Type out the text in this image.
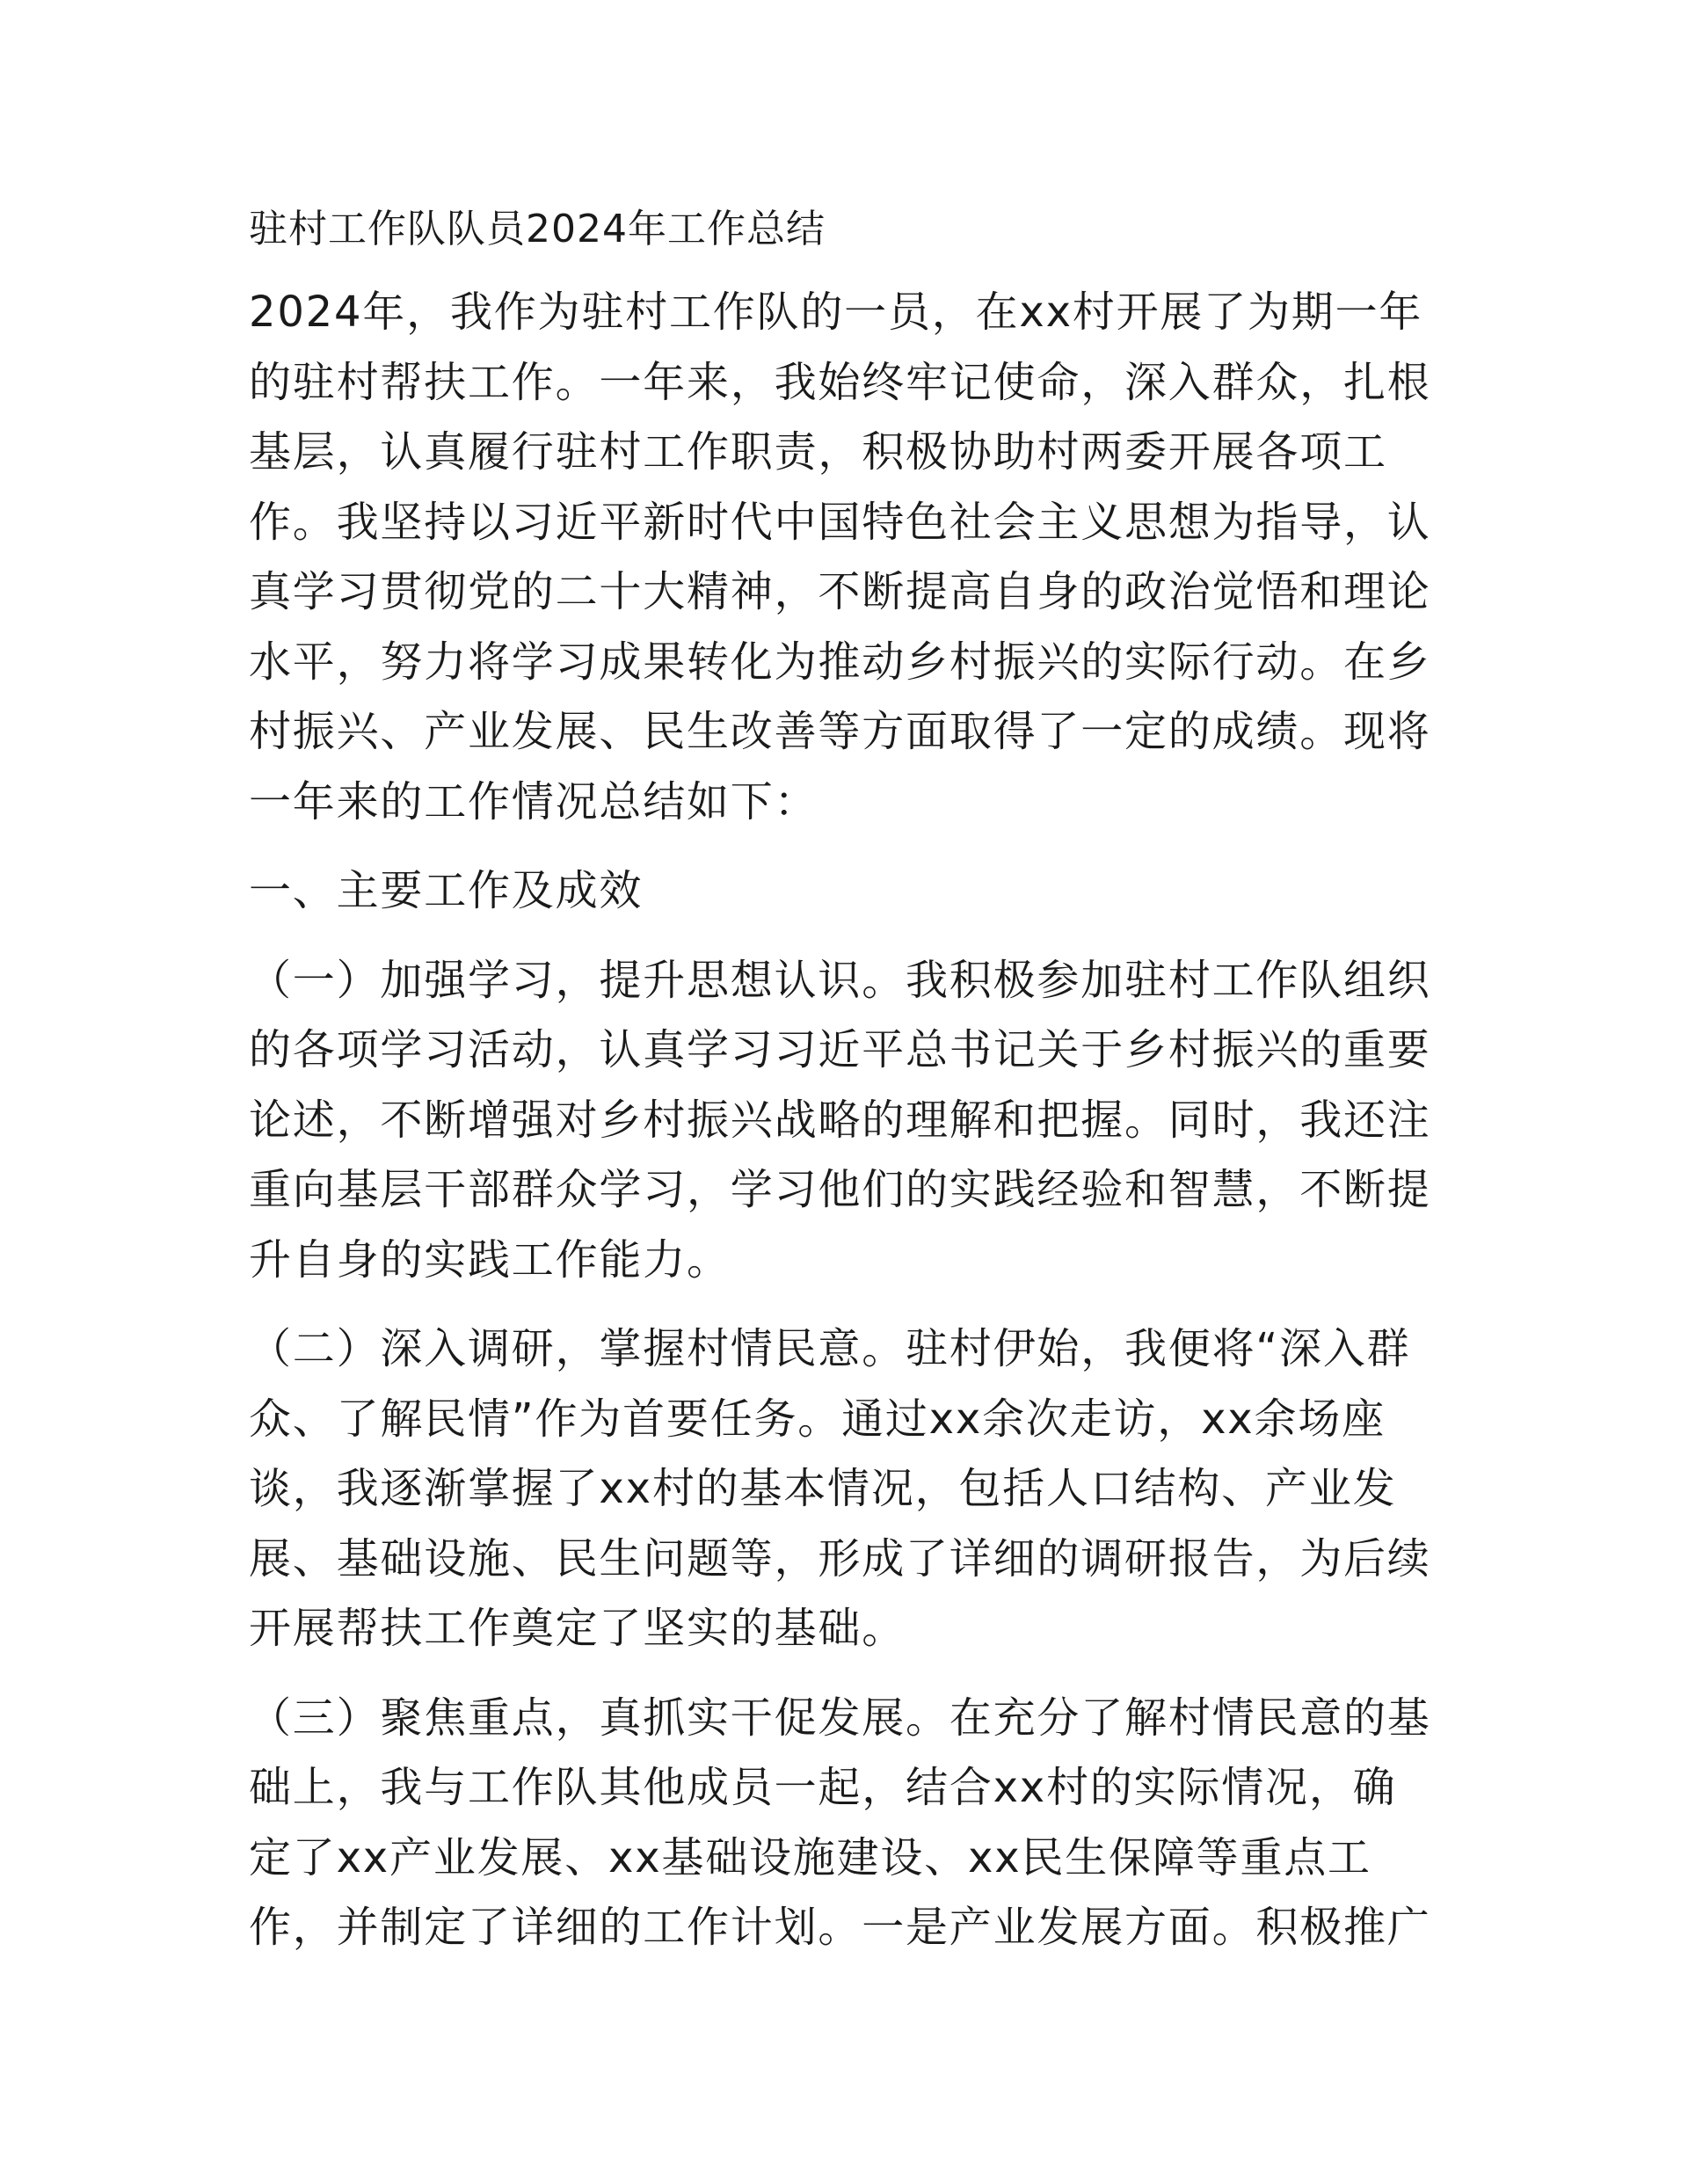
驻村工作队队员2024年工作总结
2024年，我作为驻村工作队的一员，在xx村开展了为期一年
的驻村帮扶工作。一年来，我始终牢记使命，深入群众，扎根
基层，认真履行驻村工作职责，积极协助村两委开展各项工
作。我坚持以习近平新时代中国特色社会主义思想为指导，认
真学习贯彻党的二十大精神，不断提高自身的政治觉悟和理论
水平，努力将学习成果转化为推动乡村振兴的实际行动。在乡
村振兴、产业发展、民生改善等方面取得了一定的成绩。现将
一年来的工作情况总结如下：
一、主要工作及成效
（一）加强学习，提升思想认识。我积极参加驻村工作队组织
的各项学习活动，认真学习习近平总书记关于乡村振兴的重要
论述，不断增强对乡村振兴战略的理解和把握。同时，我还注
重向基层干部群众学习，学习他们的实践经验和智慧，不断提
升自身的实践工作能力。
（二）深入调研，掌握村情民意。驻村伊始，我便将“深入群
众、了解民情”作为首要任务。通过xx余次走访，xx余场座
谈，我逐渐掌握了xx村的基本情况，包括人口结构、产业发
展、基础设施、民生问题等，形成了详细的调研报告，为后续
开展帮扶工作奠定了坚实的基础。
（三）聚焦重点，真抓实干促发展。在充分了解村情民意的基
础上，我与工作队其他成员一起，结合xx村的实际情况，确
定了xx产业发展、xx基础设施建设、xx民生保障等重点工
作，并制定了详细的工作计划。一是产业发展方面。积极推广
